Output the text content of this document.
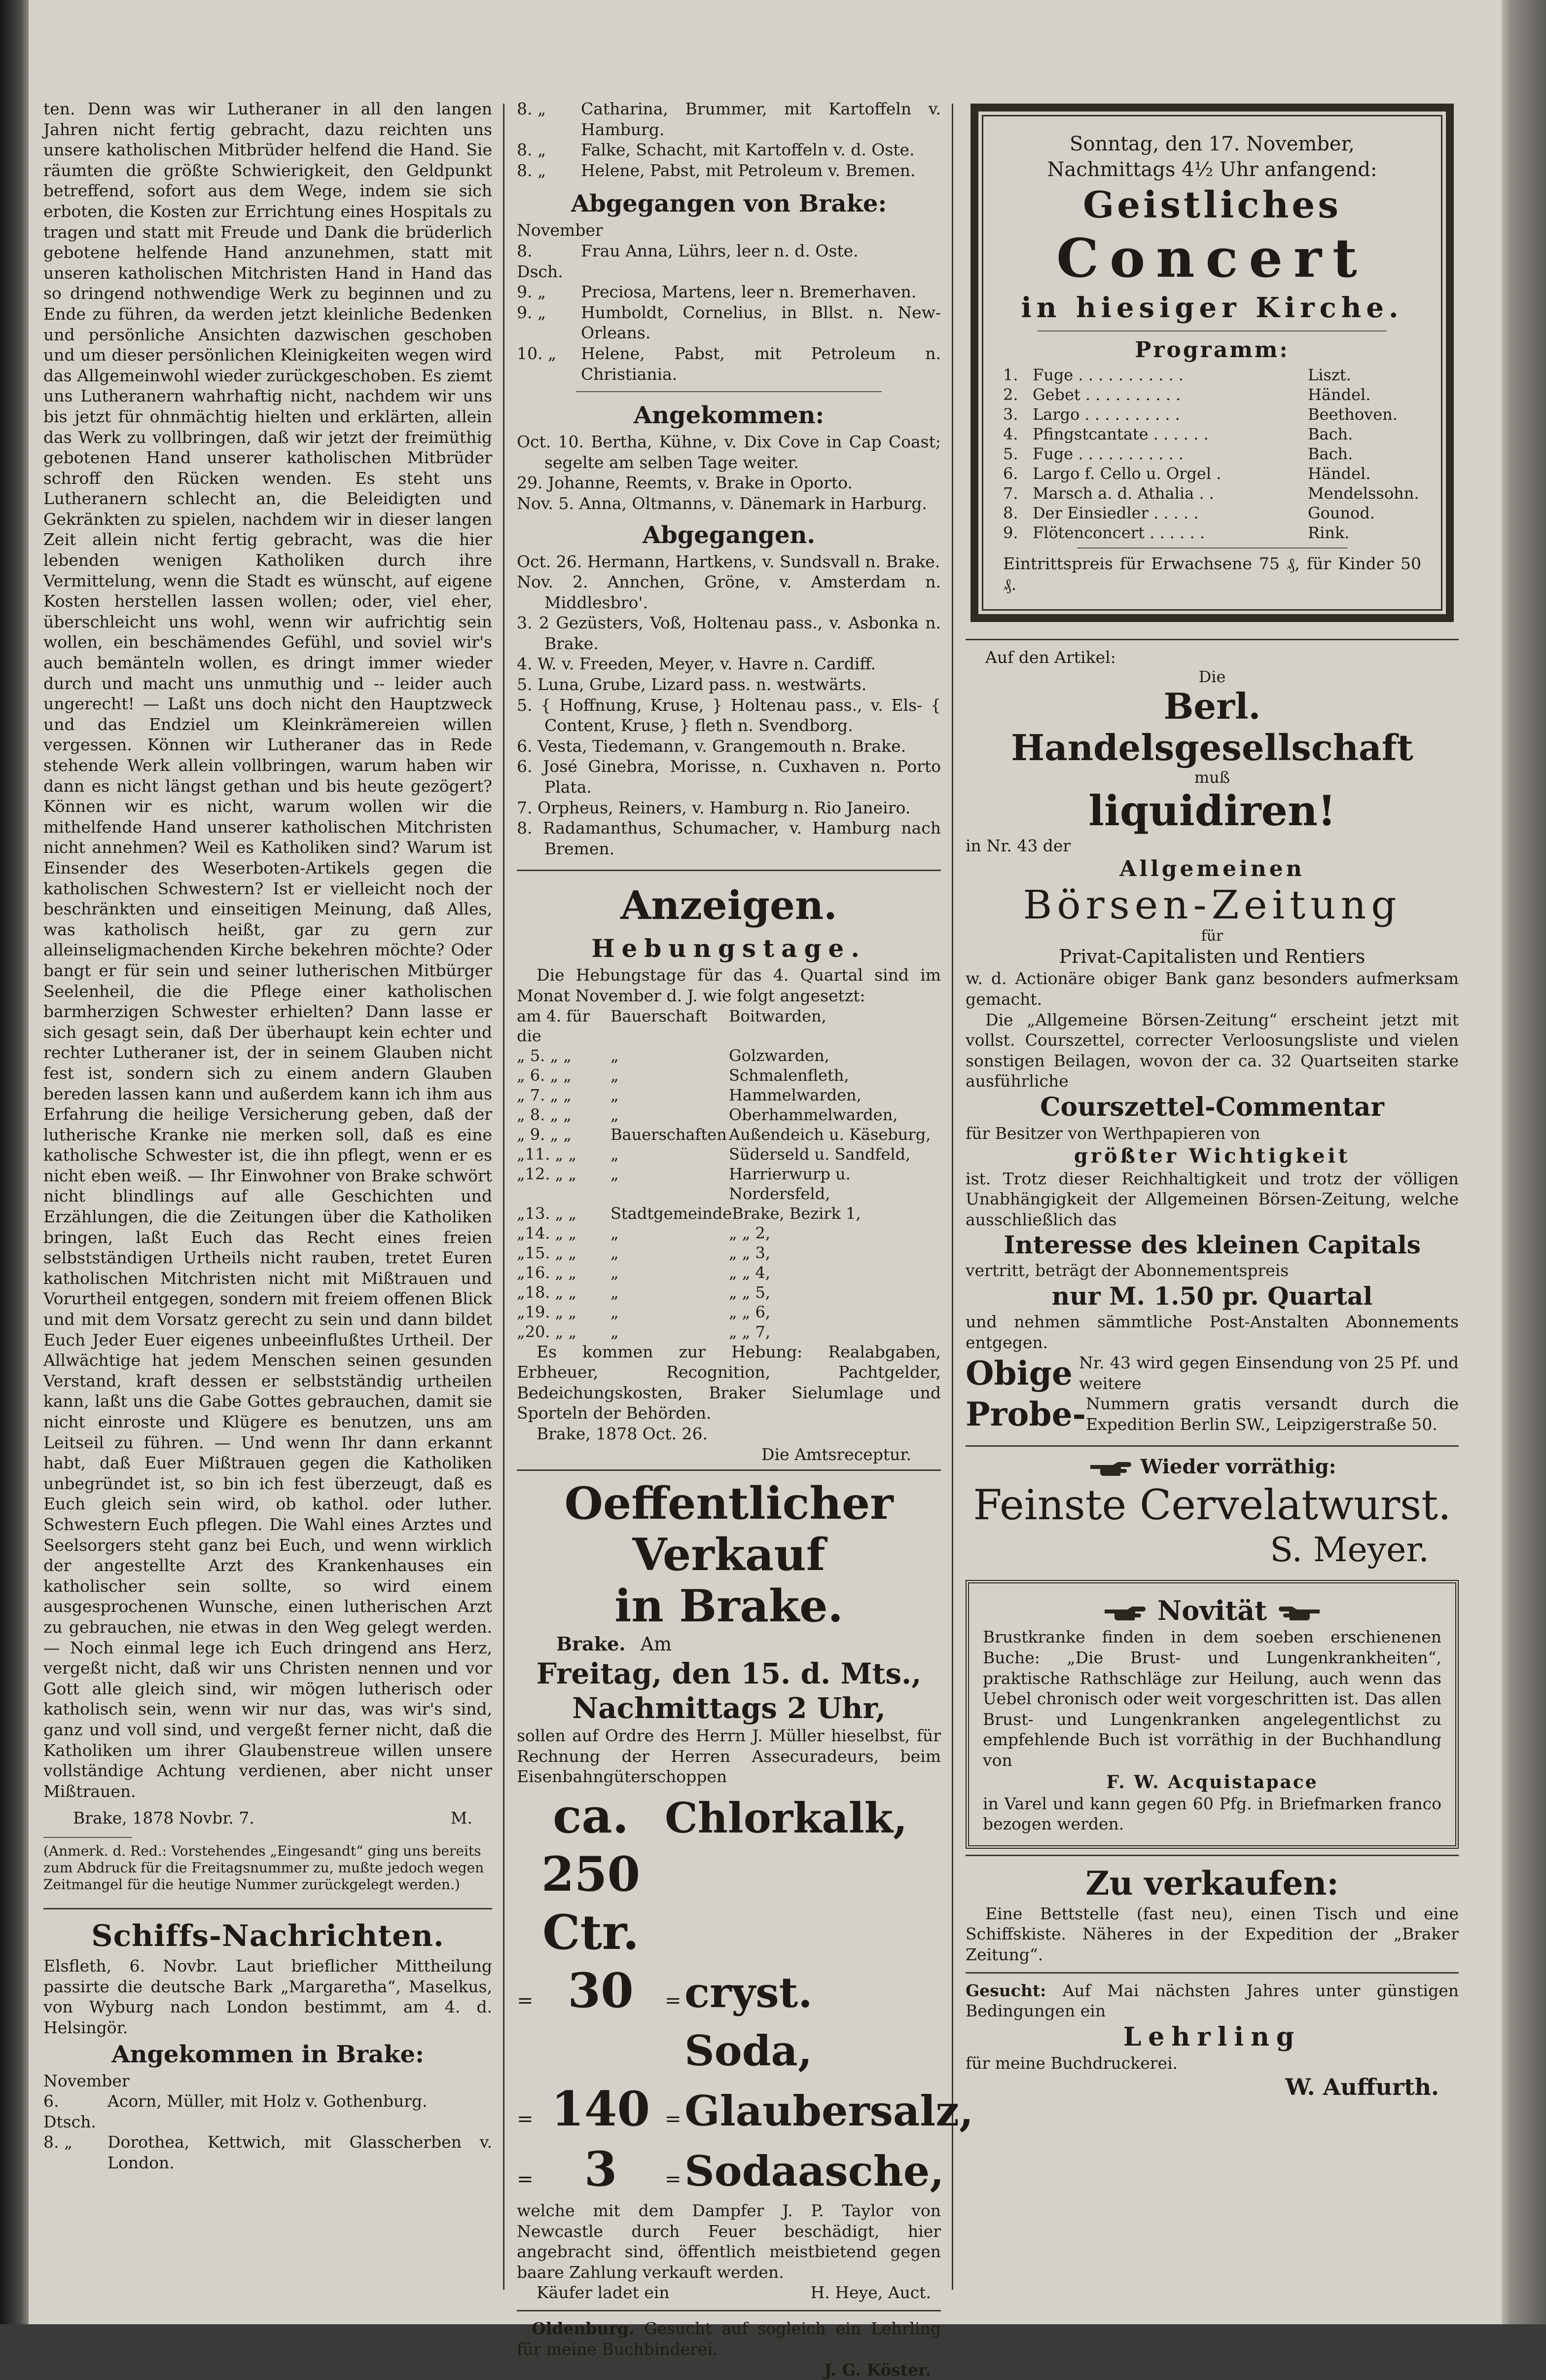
ten. Denn was wir Lutheraner in all den langen Jahren nicht fertig gebracht, dazu reichten uns unsere katholischen Mitbrüder helfend die Hand. Sie räumten die größte Schwierigkeit, den Geldpunkt betreffend, sofort aus dem Wege, indem sie sich erboten, die Kosten zur Errichtung eines Hospitals zu tragen und statt mit Freude und Dank die brüderlich gebotene helfende Hand anzunehmen, statt mit unseren katholischen Mitchristen Hand in Hand das so dringend nothwendige Werk zu beginnen und zu Ende zu führen, da werden jetzt kleinliche Bedenken und persönliche Ansichten dazwischen geschoben und um dieser persönlichen Kleinigkeiten wegen wird das Allgemeinwohl wieder zurückgeschoben. Es ziemt uns Lutheranern wahrhaftig nicht, nachdem wir uns bis jetzt für ohnmächtig hielten und erklärten, allein das Werk zu vollbringen, daß wir jetzt der freimüthig gebotenen Hand unserer katholischen Mitbrüder schroff den Rücken wenden. Es steht uns Lutheranern schlecht an, die Beleidigten und Gekränkten zu spielen, nachdem wir in dieser langen Zeit allein nicht fertig gebracht, was die hier lebenden wenigen Katholiken durch ihre Vermittelung, wenn die Stadt es wünscht, auf eigene Kosten herstellen lassen wollen; oder, viel eher, überschleicht uns wohl, wenn wir aufrichtig sein wollen, ein beschämendes Gefühl, und soviel wir's auch bemänteln wollen, es dringt immer wieder durch und macht uns unmuthig und -- leider auch ungerecht! — Laßt uns doch nicht den Hauptzweck und das Endziel um Kleinkrämereien willen vergessen. Können wir Lutheraner das in Rede stehende Werk allein vollbringen, warum haben wir dann es nicht längst gethan und bis heute gezögert? Können wir es nicht, warum wollen wir die mithelfende Hand unserer katholischen Mitchristen nicht annehmen? Weil es Katholiken sind? Warum ist Einsender des Weserboten-Artikels gegen die katholischen Schwestern? Ist er vielleicht noch der beschränkten und einseitigen Meinung, daß Alles, was katholisch heißt, gar zu gern zur alleinseligmachenden Kirche bekehren möchte? Oder bangt er für sein und seiner lutherischen Mitbürger Seelenheil, die die Pflege einer katholischen barmherzigen Schwester erhielten? Dann lasse er sich gesagt sein, daß Der überhaupt kein echter und rechter Lutheraner ist, der in seinem Glauben nicht fest ist, sondern sich zu einem andern Glauben bereden lassen kann und außerdem kann ich ihm aus Erfahrung die heilige Versicherung geben, daß der lutherische Kranke nie merken soll, daß es eine katholische Schwester ist, die ihn pflegt, wenn er es nicht eben weiß. — Ihr Einwohner von Brake schwört nicht blindlings auf alle Geschichten und Erzählungen, die die Zeitungen über die Katholiken bringen, laßt Euch das Recht eines freien selbstständigen Urtheils nicht rauben, tretet Euren katholischen Mitchristen nicht mit Mißtrauen und Vorurtheil entgegen, sondern mit freiem offenen Blick und mit dem Vorsatz gerecht zu sein und dann bildet Euch Jeder Euer eigenes unbeeinflußtes Urtheil. Der Allwächtige hat jedem Menschen seinen gesunden Verstand, kraft dessen er selbstständig urtheilen kann, laßt uns die Gabe Gottes gebrauchen, damit sie nicht einroste und Klügere es benutzen, uns am Leitseil zu führen. — Und wenn Ihr dann erkannt habt, daß Euer Mißtrauen gegen die Katholiken unbegründet ist, so bin ich fest überzeugt, daß es Euch gleich sein wird, ob kathol. oder luther. Schwestern Euch pflegen. Die Wahl eines Arztes und Seelsorgers steht ganz bei Euch, und wenn wirklich der angestellte Arzt des Krankenhauses ein katholischer sein sollte, so wird einem ausgesprochenen Wunsche, einen lutherischen Arzt zu gebrauchen, nie etwas in den Weg gelegt werden. — Noch einmal lege ich Euch dringend ans Herz, vergeßt nicht, daß wir uns Christen nennen und vor Gott alle gleich sind, wir mögen lutherisch oder katholisch sein, wenn wir nur das, was wir's sind, ganz und voll sind, und vergeßt ferner nicht, daß die Katholiken um ihrer Glaubenstreue willen unsere vollständige Achtung verdienen, aber nicht unser Mißtrauen.

Brake, 1878 Novbr. 7.	M.

(Anmerk. d. Red.: Vorstehendes „Eingesandt“ ging uns bereits zum Abdruck für die Freitagsnummer zu, mußte jedoch wegen Zeitmangel für die heutige Nummer zurückgelegt werden.)

Schiffs-Nachrichten.

Elsfleth, 6. Novbr. Laut brieflicher Mittheilung passirte die deutsche Bark „Margaretha“, Maselkus, von Wyburg nach London bestimmt, am 4. d. Helsingör.

Angekommen in Brake:

November

6. Dtsch.
Acorn, Müller, mit Holz v. Gothenburg.
8. „	Dorothea, Kettwich, mit Glasscherben v. London.
8. „	Catharina, Brummer, mit Kartoffeln v. Hamburg.
8. „	Falke, Schacht, mit Kartoffeln v. d. Oste.
8. „	Helene, Pabst, mit Petroleum v. Bremen.
Abgegangen von Brake:

November

8. Dsch.
Frau Anna, Lührs, leer n. d. Oste.
9. „	Preciosa, Martens, leer n. Bremerhaven.
9. „	Humboldt, Cornelius, in Bllst. n. New-Orleans.
10. „	Helene, Pabst, mit Petroleum n. Christiania.
Angekommen:

Oct. 10. Bertha, Kühne, v. Dix Cove in Cap Coast; segelte am selben Tage weiter.

29. Johanne, Reemts, v. Brake in Oporto.

Nov. 5. Anna, Oltmanns, v. Dänemark in Harburg.

Abgegangen.

Oct. 26. Hermann, Hartkens, v. Sundsvall n. Brake.

Nov. 2. Annchen, Gröne, v. Amsterdam n. Middlesbro'.

3. 2 Gezüsters, Voß, Holtenau pass., v. Asbonka n. Brake.

4. W. v. Freeden, Meyer, v. Havre n. Cardiff.

5. Luna, Grube, Lizard pass. n. westwärts.

5. { Hoffnung, Kruse, } Holtenau pass., v. Els- { Content, Kruse, } fleth n. Svendborg.

6. Vesta, Tiedemann, v. Grangemouth n. Brake.

6. José Ginebra, Morisse, n. Cuxhaven n. Porto Plata.

7. Orpheus, Reiners, v. Hamburg n. Rio Janeiro.

8. Radamanthus, Schumacher, v. Hamburg nach Bremen.

Anzeigen.
Hebungstage.

Die Hebungstage für das 4. Quartal sind im Monat November d. J. wie folgt angesetzt:

am 4. für die
Bauerschaft	Boitwarden,
„ 5. „ „	„	Golzwarden,
„ 6. „ „	„	Schmalenfleth,
„ 7. „ „	„	Hammelwarden,
„ 8. „ „	„	Oberhammelwarden,
„ 9. „ „	Bauerschaften Außendeich u. Käseburg,
„11. „ „	„	Süderseld u. Sandfeld,
„12. „ „	„	Harrierwurp u. Nordersfeld,
„13. „ „	Stadtgemeinde Brake, Bezirk 1,
„14. „ „	„	„ „ 2,
„15. „ „	„	„ „ 3,
„16. „ „	„	„ „ 4,
„18. „ „	„	„ „ 5,
„19. „ „	„	„ „ 6,
„20. „ „	„	„ „ 7,

Es kommen zur Hebung: Realabgaben, Erbheuer, Recognition, Pachtgelder, Bedeichungskosten, Braker Sielumlage und Sporteln der Behörden.

Brake, 1878 Oct. 26.

Die Amtsreceptur.

Oeffentlicher Verkauf
in Brake.
Brake. Am
Freitag, den 15. d. Mts.,
Nachmittags 2 Uhr,

sollen auf Ordre des Herrn J. Müller hieselbst, für Rechnung der Herren Assecuradeurs, beim Eisenbahngüterschoppen

ca. 250 Ctr.
Chlorkalk,
= 30	= cryst. Soda,
= 140 = Glaubersalz,
=	3	= Sodaasche,

welche mit dem Dampfer J. P. Taylor von Newcastle durch Feuer beschädigt, hier angebracht sind, öffentlich meistbietend gegen baare Zahlung verkauft werden.

Käufer ladet ein	H. Heye, Auct.

Oldenburg. Gesucht auf sogleich ein Lehrling für meine Buchbinderei.

J. G. Köster.

Sonntag, den 17. November,
Nachmittags 4½ Uhr anfangend:
Geistliches
Concert
in hiesiger Kirche.
Programm:
1. Fuge . . . . . . . . . . .	Liszt.
2. Gebet . . . . . . . . . .	Händel.
3. Largo . . . . . . . . . .	Beethoven.
4. Pfingstcantate . . . . . .	Bach.
5. Fuge . . . . . . . . . . .	Bach.
6. Largo f. Cello u. Orgel .	Händel.
7. Marsch a. d. Athalia . .	Mendelssohn.
8. Der Einsiedler . . . . .	Gounod.
9. Flötenconcert . . . . . .	Rink.

Eintrittspreis für Erwachsene 75 ₰, für Kinder 50 ₰.

Auf den Artikel:

Die
Berl. Handelsgesellschaft
muß
liquidiren!

in Nr. 43 der

Allgemeinen
Börsen-Zeitung
für
Privat-Capitalisten und Rentiers

w. d. Actionäre obiger Bank ganz besonders aufmerksam gemacht.

Die „Allgemeine Börsen-Zeitung“ erscheint jetzt mit vollst. Courszettel, correcter Verloosungsliste und vielen sonstigen Beilagen, wovon der ca. 32 Quartseiten starke ausführliche

Courszettel-Commentar

für Besitzer von Werthpapieren von

größter Wichtigkeit

ist. Trotz dieser Reichhaltigkeit und trotz der völligen Unabhängigkeit der Allgemeinen Börsen-Zeitung, welche ausschließlich das

Interesse des kleinen Capitals

vertritt, beträgt der Abonnementspreis

nur M. 1.50 pr. Quartal

und nehmen sämmtliche Post-Anstalten Abonnements entgegen.

Obige Nr. 43 wird gegen Einsendung von 25 Pf. und weitere
Probe- Nummern gratis versandt durch die Expedition Berlin SW., Leipzigerstraße 50.
Wieder vorräthig:
Feinste Cervelatwurst.
S. Meyer.
Novität

Brustkranke finden in dem soeben erschienenen Buche: „Die Brust- und Lungenkrankheiten“, praktische Rathschläge zur Heilung, auch wenn das Uebel chronisch oder weit vorgeschritten ist. Das allen Brust- und Lungenkranken angelegentlichst zu empfehlende Buch ist vorräthig in der Buchhandlung von

F. W. Acquistapace

in Varel und kann gegen 60 Pfg. in Briefmarken franco bezogen werden.

Zu verkaufen:

Eine Bettstelle (fast neu), einen Tisch und eine Schiffskiste. Näheres in der Expedition der „Braker Zeitung“.

Gesucht: Auf Mai nächsten Jahres unter günstigen Bedingungen ein

Lehrling

für meine Buchdruckerei.

W. Auffurth.
